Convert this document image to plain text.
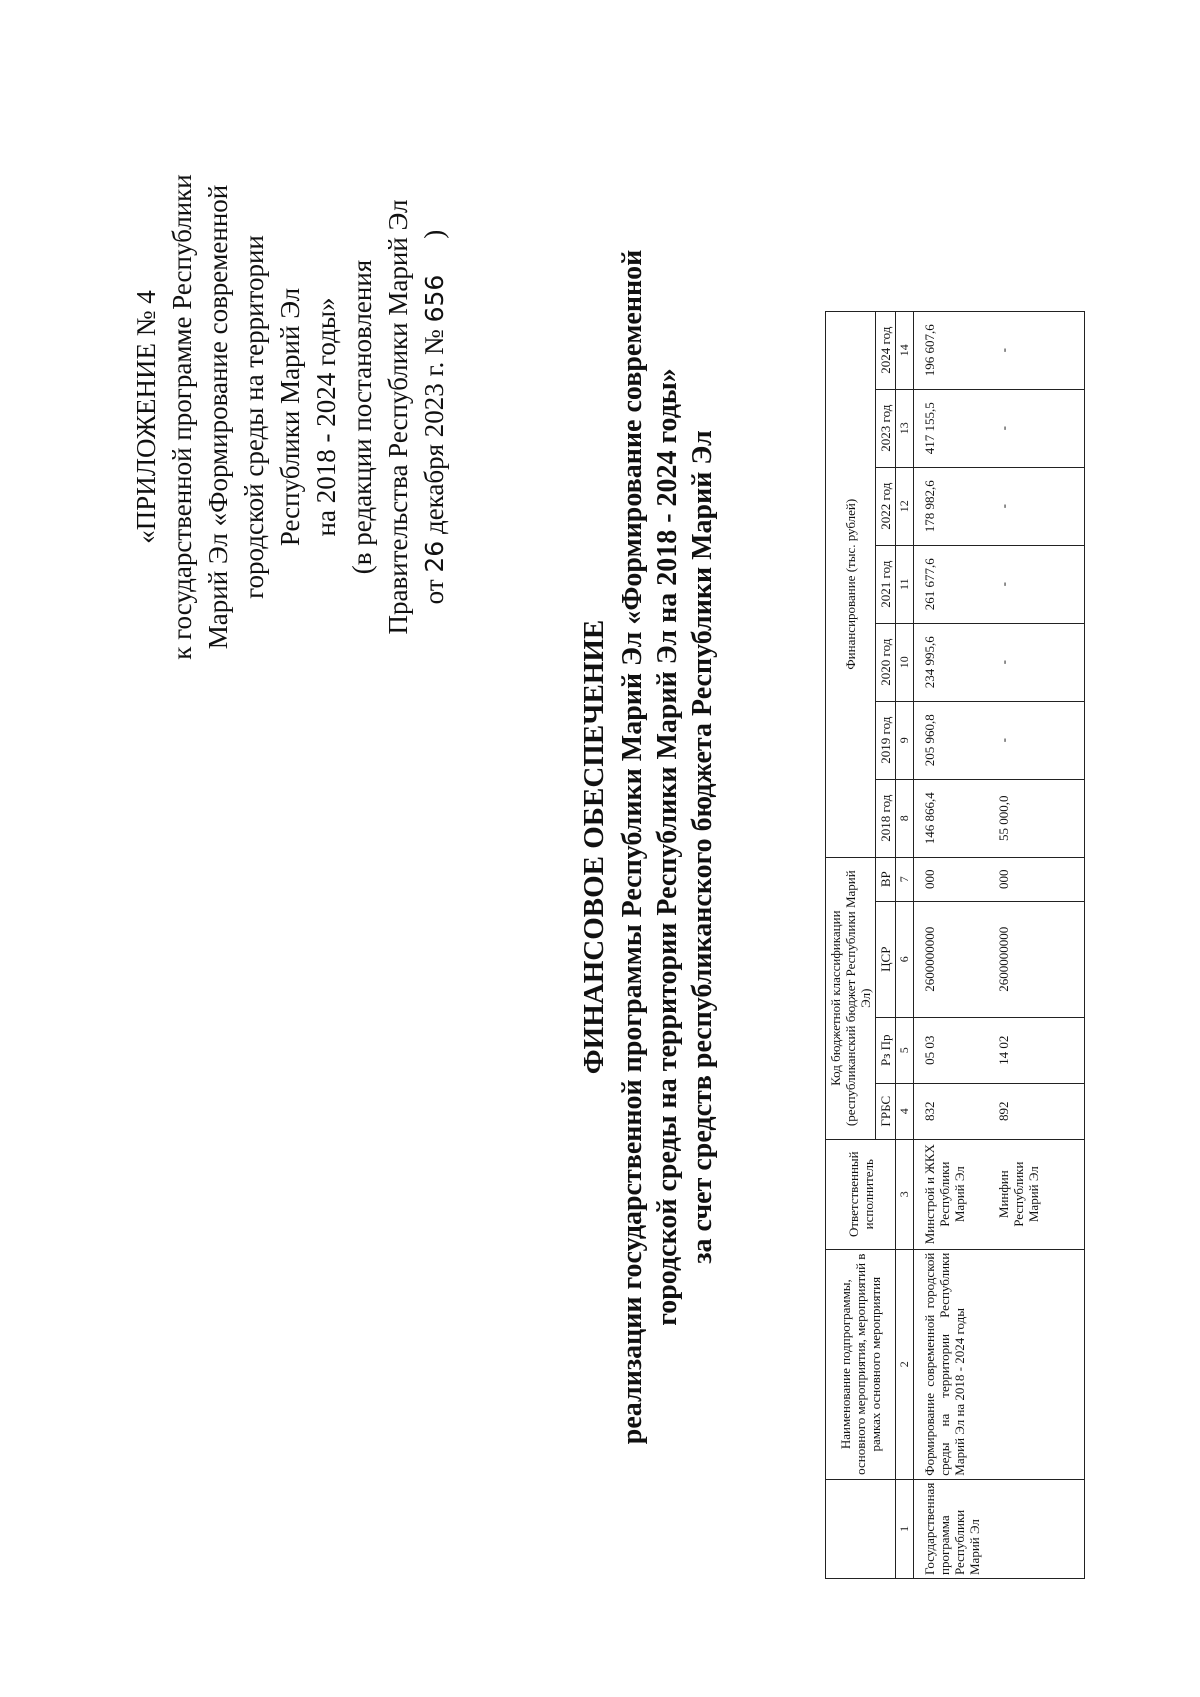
«ПРИЛОЖЕНИЕ № 4 к государственной программе Республики Марий Эл «Формирование современной городской среды на территории Республики Марий Эл на 2018 - 2024 годы» (в редакции постановления Правительства Республики Марий Эл от 26 декабря 2023 г. № 656)
ФИНАНСОВОЕ ОБЕСПЕЧЕНИЕ реализации государственной программы Республики Марий Эл «Формирование современной городской среды на территории Республики Марий Эл на 2018 - 2024 годы» за счет средств республиканского бюджета Республики Марий Эл
	Наименование подпрограммы, основного мероприятия, мероприятий в рамках основного мероприятия	Ответственный исполнитель	Код бюджетной классификации (республиканский бюджет Республики Марий Эл)				Финансирование (тыс. рублей)						
			ГРБС	Рз Пр	ЦСР	ВР	2018 год	2019 год	2020 год	2021 год	2022 год	2023 год	2024 год
1	2	3	4	5	6	7	8	9	10	11	12	13	14
Государственная программа Республики Марий Эл	Формирование современной городской среды на территории Республики Марий Эл на 2018 - 2024 годы	Минстрой и ЖКХ Республики Марий Эл	832	05 03	2600000000	000	146 866,4	205 960,8	234 995,6	261 677,6	178 982,6	417 155,5	196 607,6
		Минфин Республики Марий Эл	892	14 02	2600000000	000	55 000,0	-	-	-	-	-	-
